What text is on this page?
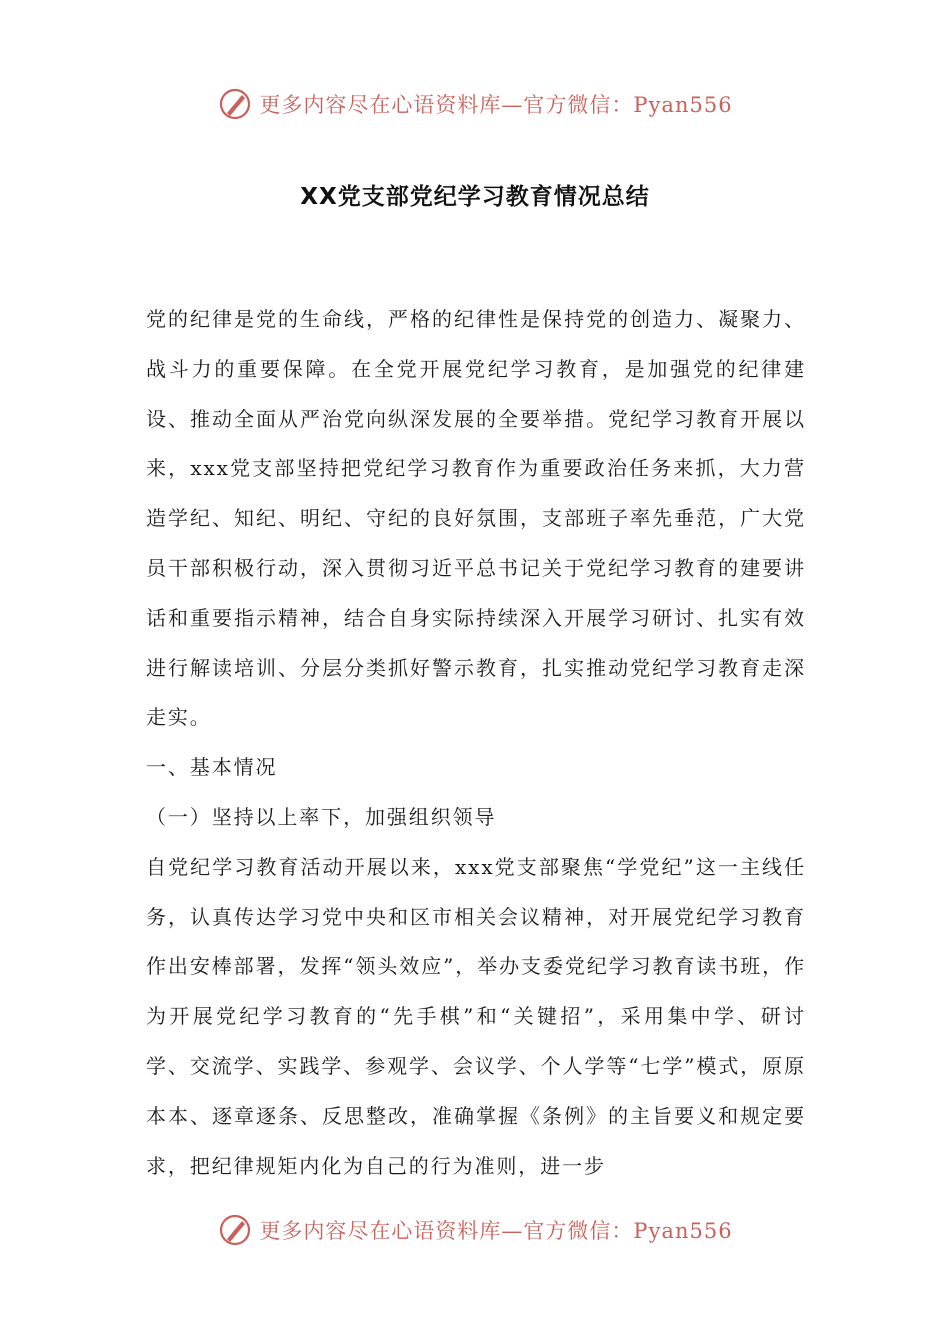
更多内容尽在心语资料库—官方微信：Pyan556
XX党支部党纪学习教育情况总结

党的纪律是党的生命线，严格的纪律性是保持党的创造力、凝聚力、战斗力的重要保障。在全党开展党纪学习教育，是加强党的纪律建设、推动全面从严治党向纵深发展的全要举措。党纪学习教育开展以来，xxx党支部坚持把党纪学习教育作为重要政治任务来抓，大力营造学纪、知纪、明纪、守纪的良好氛围，支部班子率先垂范，广大党员干部积极行动，深入贯彻习近平总书记关于党纪学习教育的建要讲话和重要指示精神，结合自身实际持续深入开展学习研讨、扎实有效进行解读培训、分层分类抓好警示教育，扎实推动党纪学习教育走深走实。

一、基本情况

（一）坚持以上率下，加强组织领导

自党纪学习教育活动开展以来，xxx党支部聚焦“学党纪”这一主线任务，认真传达学习党中央和区市相关会议精神，对开展党纪学习教育作出安棒部署，发挥“领头效应”，举办支委党纪学习教育读书班，作为开展党纪学习教育的“先手棋”和“关键招”，采用集中学、研讨学、交流学、实践学、参观学、会议学、个人学等“七学”模式，原原本本、逐章逐条、反思整改，准确掌握《条例》的主旨要义和规定要求，把纪律规矩内化为自己的行为准则，进一步

更多内容尽在心语资料库—官方微信：Pyan556
